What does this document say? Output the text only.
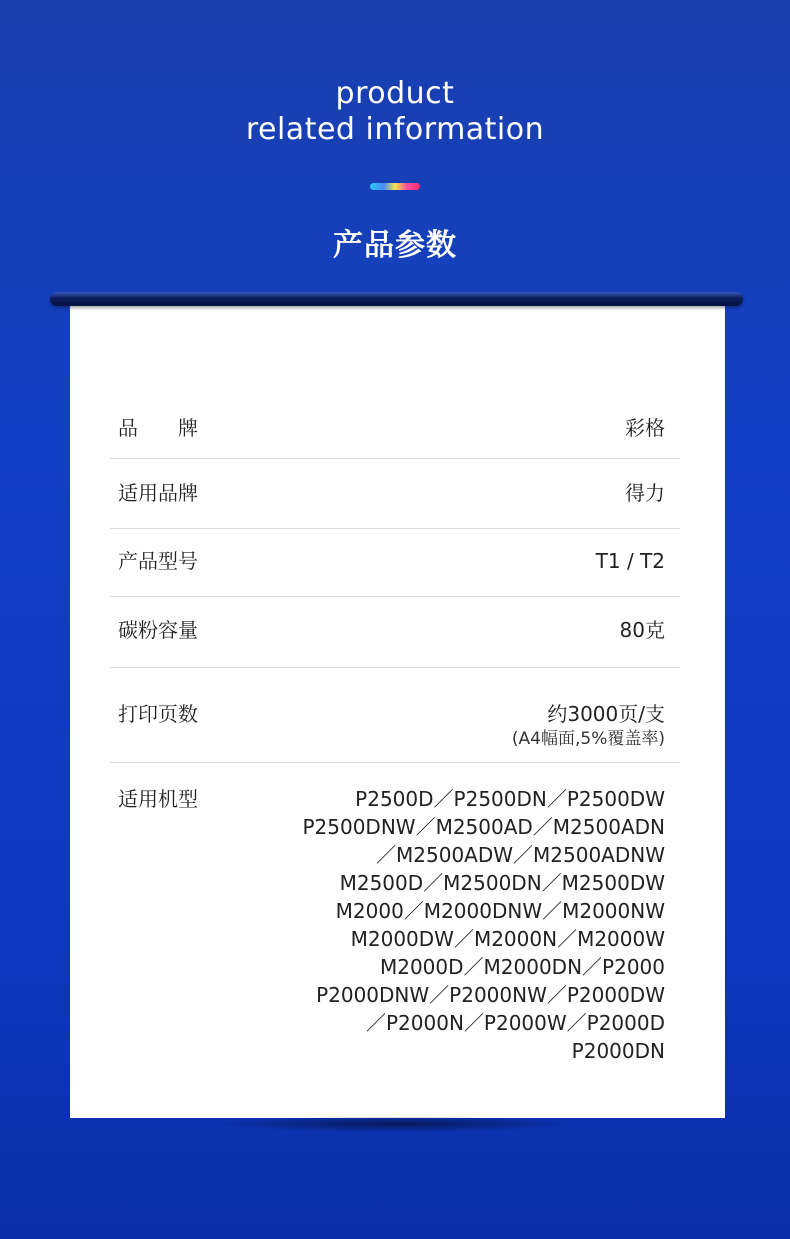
product
related information
产品参数
品　　牌	彩格
适用品牌	得力
产品型号	T1 / T2
碳粉容量	80克
打印页数	约3000页/支
(A4幅面,5%覆盖率)
适用机型	P2500D／P2500DN／P2500DW
P2500DNW／M2500AD／M2500ADN
／M2500ADW／M2500ADNW
M2500D／M2500DN／M2500DW
M2000／M2000DNW／M2000NW
M2000DW／M2000N／M2000W
M2000D／M2000DN／P2000
P2000DNW／P2000NW／P2000DW
／P2000N／P2000W／P2000D
P2000DN
